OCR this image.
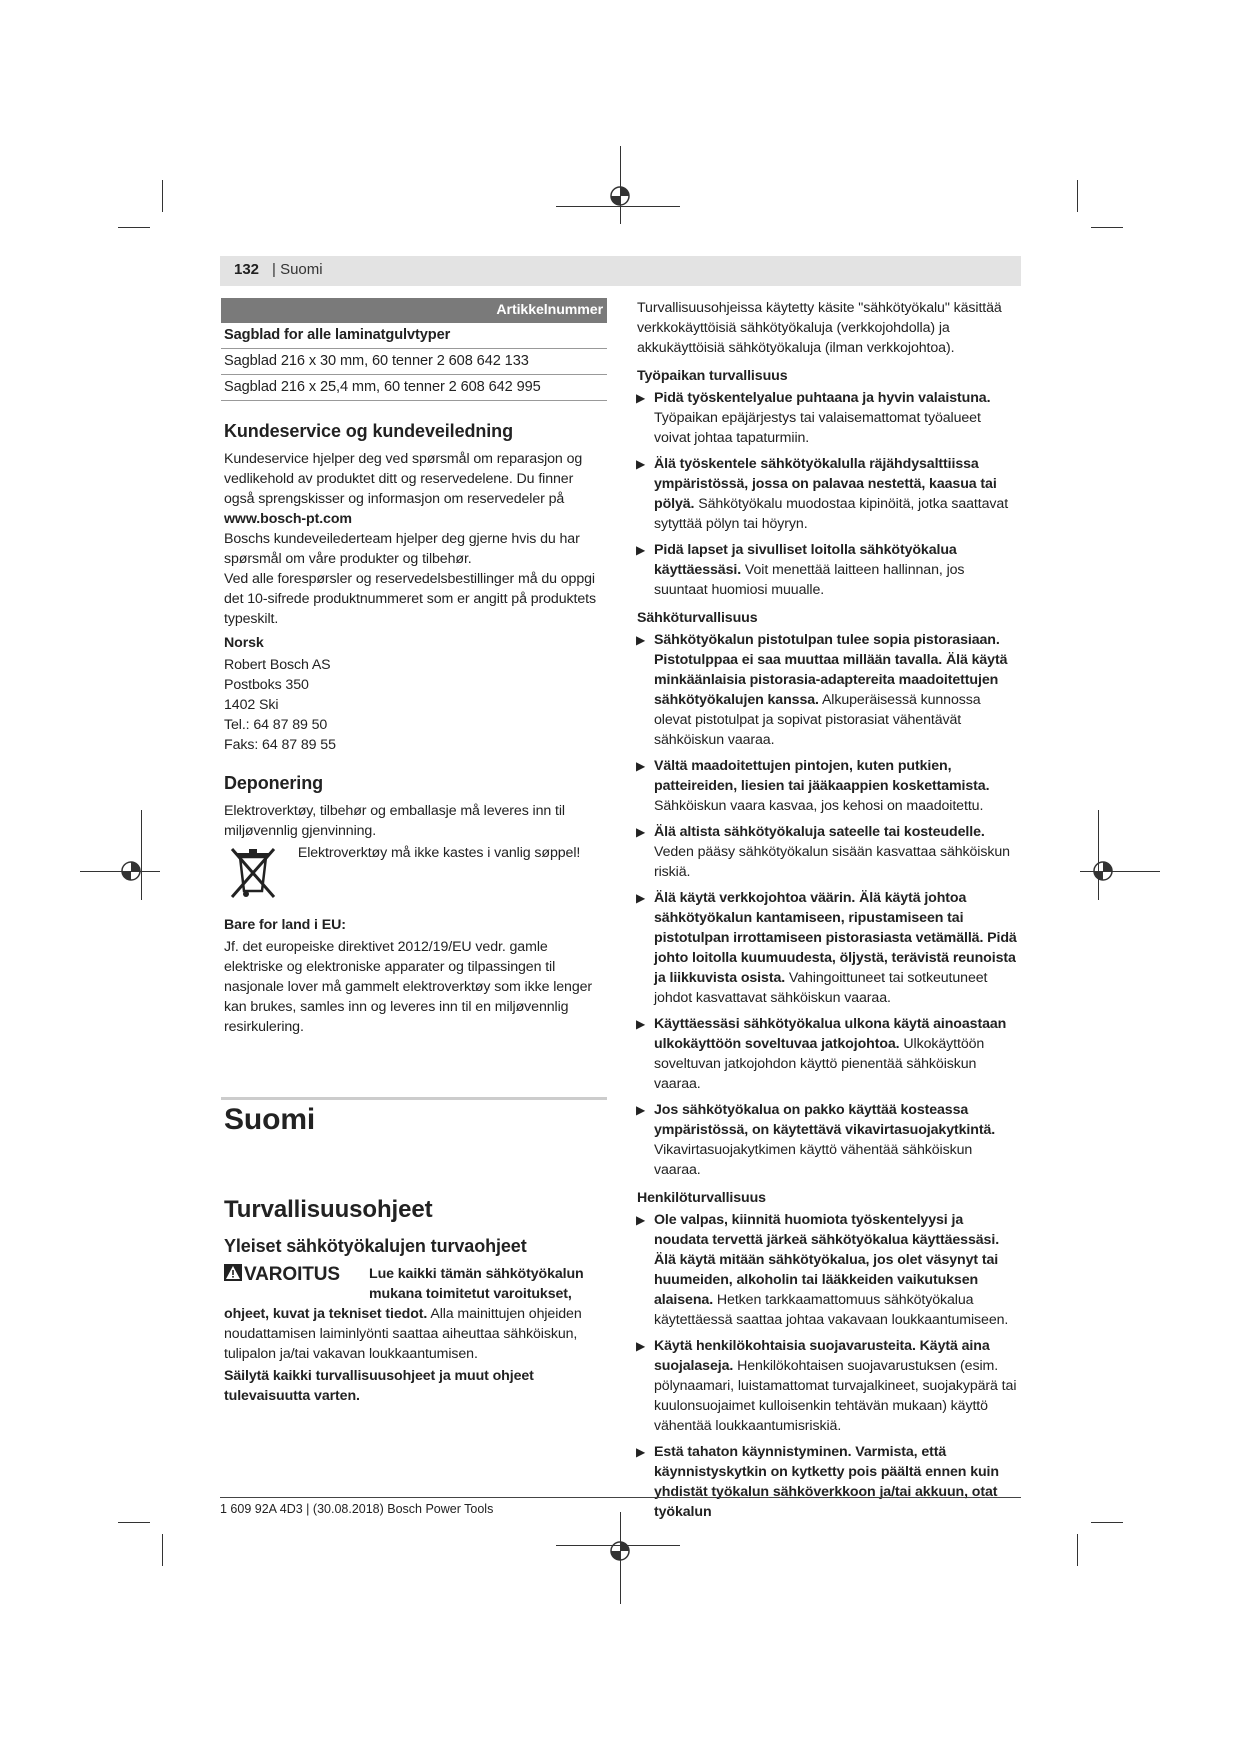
132 | Suomi
Artikkelnummer
Sagblad for alle laminatgulvtyper
Sagblad 216 x 30 mm, 60 tenner 2 608 642 133
Sagblad 216 x 25,4 mm, 60 tenner 2 608 642 995
Kundeservice og kundeveiledning
Kundeservice hjelper deg ved spørsmål om reparasjon og vedlikehold av produktet ditt og reservedelene. Du finner også sprengskisser og informasjon om reservedeler på
www.bosch-pt.com
Boschs kundeveilederteam hjelper deg gjerne hvis du har spørsmål om våre produkter og tilbehør.
Ved alle forespørsler og reservedelsbestillinger må du oppgi det 10-sifrede produktnummeret som er angitt på produktets typeskilt.
Norsk
Robert Bosch AS
Postboks 350
1402 Ski
Tel.: 64 87 89 50
Faks: 64 87 89 55
Deponering
Elektroverktøy, tilbehør og emballasje må leveres inn til miljøvennlig gjenvinning.
Elektroverktøy må ikke kastes i vanlig søppel!
Bare for land i EU:
Jf. det europeiske direktivet 2012/19/EU vedr. gamle elektriske og elektroniske apparater og tilpassingen til nasjonale lover må gammelt elektroverktøy som ikke lenger kan brukes, samles inn og leveres inn til en miljøvennlig resirkulering.
Suomi
Turvallisuusohjeet
Yleiset sähkötyökalujen turvaohjeet
VAROITUS	Lue kaikki tämän sähkötyökalun mukana toimitetut varoitukset, ohjeet, kuvat ja tekniset tiedot. Alla mainittujen ohjeiden noudattamisen laiminlyönti saattaa aiheuttaa sähköiskun, tulipalon ja/tai vakavan loukkaantumisen.
Säilytä kaikki turvallisuusohjeet ja muut ohjeet tulevaisuutta varten.
Turvallisuusohjeissa käytetty käsite "sähkötyökalu" käsittää verkkokäyttöisiä sähkötyökaluja (verkkojohdolla) ja akkukäyttöisiä sähkötyökaluja (ilman verkkojohtoa).
Työpaikan turvallisuus
▶ Pidä työskentelyalue puhtaana ja hyvin valaistuna. Työpaikan epäjärjestys tai valaisemattomat työalueet voivat johtaa tapaturmiin.
▶ Älä työskentele sähkötyökalulla räjähdysalttiissa ympäristössä, jossa on palavaa nestettä, kaasua tai pölyä. Sähkötyökalu muodostaa kipinöitä, jotka saattavat sytyttää pölyn tai höyryn.
▶ Pidä lapset ja sivulliset loitolla sähkötyökalua käyttäessäsi. Voit menettää laitteen hallinnan, jos suuntaat huomiosi muualle.
Sähköturvallisuus
▶ Sähkötyökalun pistotulpan tulee sopia pistorasiaan. Pistotulppaa ei saa muuttaa millään tavalla. Älä käytä minkäänlaisia pistorasia-adaptereita maadoitettujen sähkötyökalujen kanssa. Alkuperäisessä kunnossa olevat pistotulpat ja sopivat pistorasiat vähentävät sähköiskun vaaraa.
▶ Vältä maadoitettujen pintojen, kuten putkien, patteireiden, liesien tai jääkaappien koskettamista. Sähköiskun vaara kasvaa, jos kehosi on maadoitettu.
▶ Älä altista sähkötyökaluja sateelle tai kosteudelle. Veden pääsy sähkötyökalun sisään kasvattaa sähköiskun riskiä.
▶ Älä käytä verkkojohtoa väärin. Älä käytä johtoa sähkötyökalun kantamiseen, ripustamiseen tai pistotulpan irrottamiseen pistorasiasta vetämällä. Pidä johto loitolla kuumuudesta, öljystä, terävistä reunoista ja liikkuvista osista. Vahingoittuneet tai sotkeutuneet johdot kasvattavat sähköiskun vaaraa.
▶ Käyttäessäsi sähkötyökalua ulkona käytä ainoastaan ulkokäyttöön soveltuvaa jatkojohtoa. Ulkokäyttöön soveltuvan jatkojohdon käyttö pienentää sähköiskun vaaraa.
▶ Jos sähkötyökalua on pakko käyttää kosteassa ympäristössä, on käytettävä vikavirtasuojakytkintä. Vikavirtasuojakytkimen käyttö vähentää sähköiskun vaaraa.
Henkilöturvallisuus
▶ Ole valpas, kiinnitä huomiota työskentelyysi ja noudata tervettä järkeä sähkötyökalua käyttäessäsi. Älä käytä mitään sähkötyökalua, jos olet väsynyt tai huumeiden, alkoholin tai lääkkeiden vaikutuksen alaisena. Hetken tarkkaamattomuus sähkötyökalua käytettäessä saattaa johtaa vakavaan loukkaantumiseen.
▶ Käytä henkilökohtaisia suojavarusteita. Käytä aina suojalaseja. Henkilökohtaisen suojavarustuksen (esim. pölynaamari, luistamattomat turvajalkineet, suojakypärä tai kuulonsuojaimet kulloisenkin tehtävän mukaan) käyttö vähentää loukkaantumisriskiä.
▶ Estä tahaton käynnistyminen. Varmista, että käynnistyskytkin on kytketty pois päältä ennen kuin yhdistät työkalun sähköverkkoon ja/tai akkuun, otat työkalun
1 609 92A 4D3 | (30.08.2018) Bosch Power Tools
